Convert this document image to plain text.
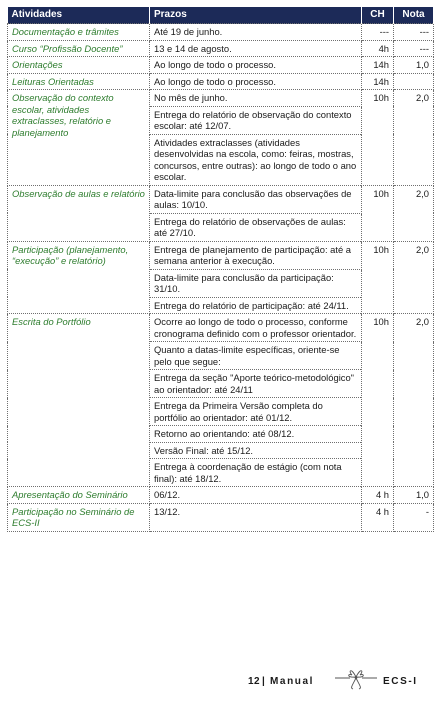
Atividades	Prazos	CH	Nota
Documentação e trâmites	Até 19 de junho.	---	---
Curso “Profissão Docente”	13 e 14 de agosto.	4h	---
Orientações	Ao longo de todo o processo.	14h	1,0
Leituras Orientadas	Ao longo de todo o processo.	14h	
Observação do contexto escolar, atividades extraclasses, relatório e planejamento	No mês de junho.	10h	2,0
	Entrega do relatório de observação do contexto escolar: até 12/07.		
	Atividades extraclasses (atividades desenvolvidas na escola, como: feiras, mostras, concursos, entre outras): ao longo de todo o ano escolar.		
Observação de aulas e relatório	Data-limite para conclusão das observações de aulas: 10/10.	10h	2,0
	Entrega do relatório de observações de aulas: até 27/10.		
Participação (planejamento, “execução” e relatório)	Entrega de planejamento de participação: até a semana anterior à execução.	10h	2,0
	Data-limite para conclusão da participação: 31/10.		
	Entrega do relatório de participação: até 24/11.		
Escrita do Portfólio	Ocorre ao longo de todo o processo, conforme cronograma definido com o professor orientador.	10h	2,0
	Quanto a datas-limite específicas, oriente-se pelo que segue:		
	Entrega da seção "Aporte teórico-metodológico" ao orientador: até 24/11		
	Entrega da Primeira Versão completa do portfólio ao orientador: até 01/12.		
	Retorno ao orientando: até 08/12.		
	Versão Final: até 15/12.		
	Entrega à coordenação de estágio (com nota final): até 18/12.		
Apresentação do Seminário	06/12.	4 h	1,0
Participação no Seminário de ECS-II	13/12.	4 h	-
12 | Manual	ECS-I
